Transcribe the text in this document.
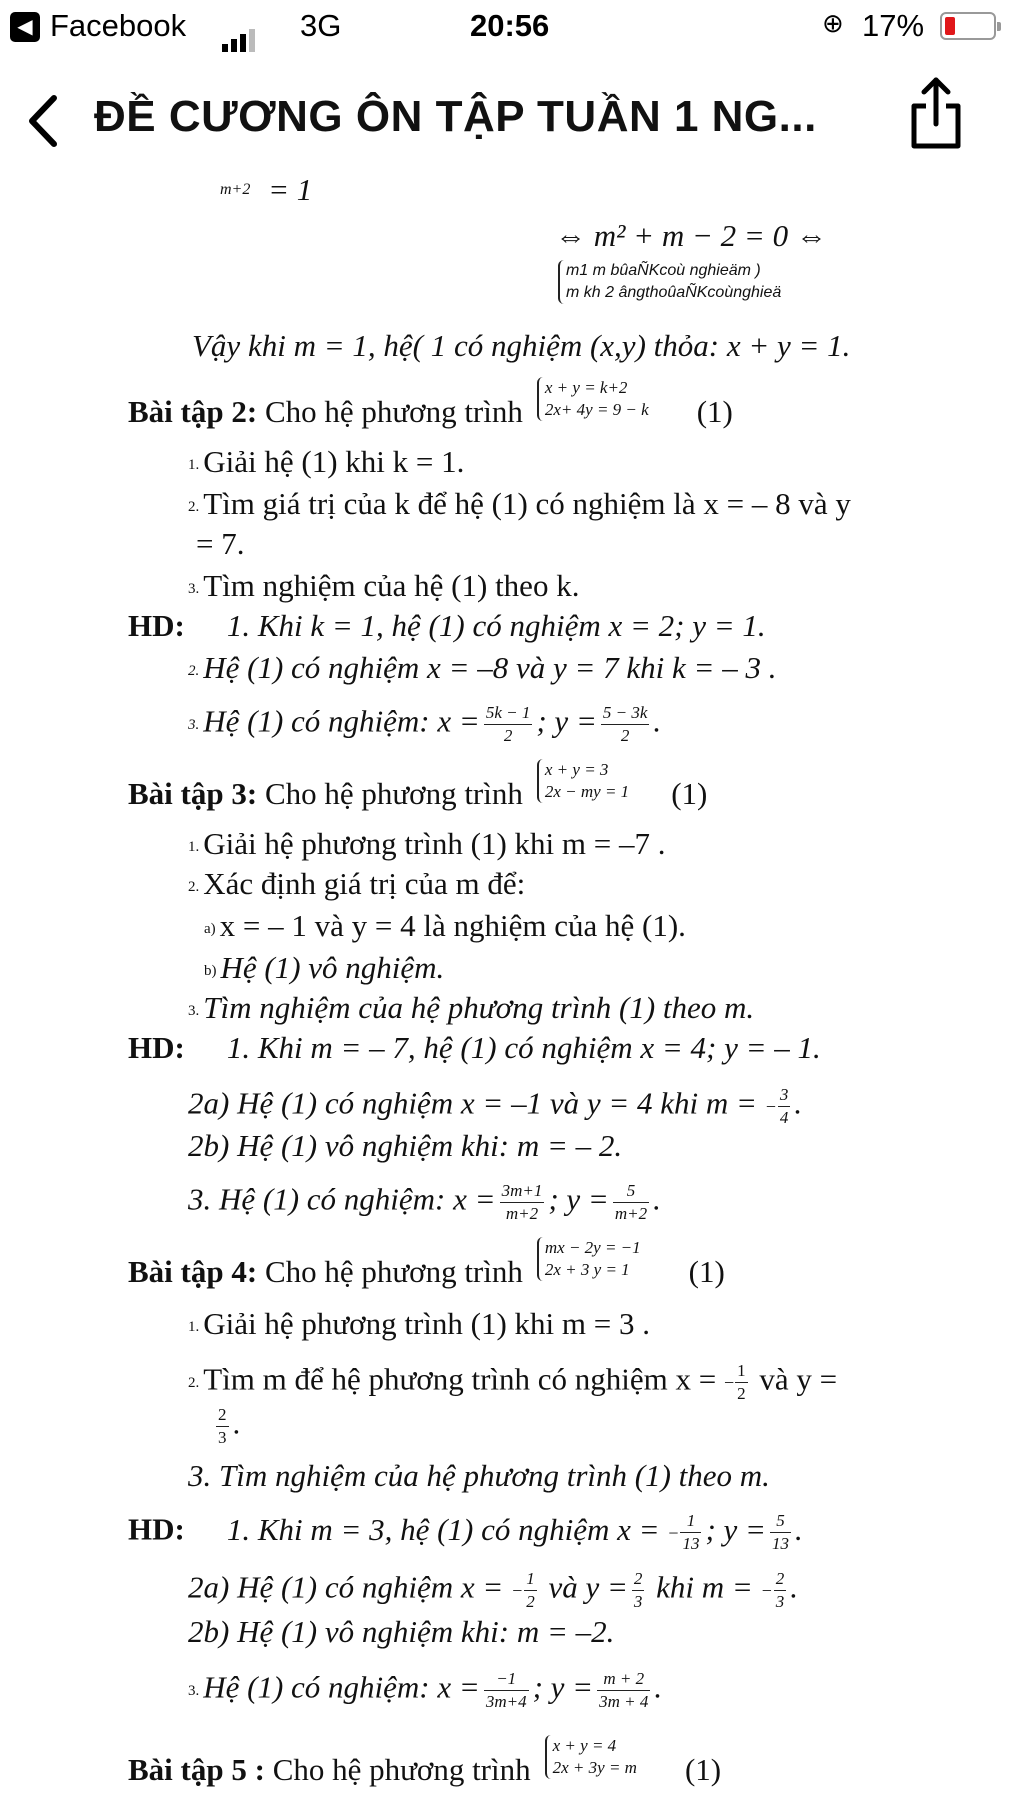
◀ Facebook	3G	20:56	⊕ 17%
ĐỀ CƯƠNG ÔN TẬP TUẦN 1 NG...
$^{m+2}$ = 1
⇔ m² + m − 2 = 0 ⇔
m1 m bûaÑKcoù nghieäm )
m kh 2 ângthoûaÑKcoùnghieä
Vậy khi m = 1, hệ( 1 có nghiệm (x,y) thỏa: x + y = 1.
Bài tập 2: Cho hệ phương trình
x + y = k+2
2x+ 4y = 9 − k (1)
1. Giải hệ (1) khi k = 1.
2. Tìm giá trị của k để hệ (1) có nghiệm là x = – 8 và y
= 7.
3. Tìm nghiệm của hệ (1) theo k.
HD: 1. Khi k = 1, hệ (1) có nghiệm x = 2; y = 1.
2. Hệ (1) có nghiệm x = –8 và y = 7 khi k = – 3 .
3. Hệ (1) có nghiệm: $x = \frac{5k - 1}{2}$ ; $y = \frac{5 - 3k}{2}$ .
Bài tập 3: Cho hệ phương trình
x + y = 3
2x − my = 1 (1)
1. Giải hệ phương trình (1) khi m = –7 .
2. Xác định giá trị của m để:
a) x = – 1 và y = 4 là nghiệm của hệ (1).
b) Hệ (1) vô nghiệm.
3. Tìm nghiệm của hệ phương trình (1) theo m.
HD: 1. Khi m = – 7, hệ (1) có nghiệm x = 4; y = – 1.
2a) Hệ (1) có nghiệm x = –1 và y = 4 khi m = − $\frac{3}{4}$ .
2b) Hệ (1) vô nghiệm khi: m = – 2.
3. Hệ (1) có nghiệm: $x = \frac{3m+1}{m+2}$ ; $y = \frac{5}{m+2}$ .
Bài tập 4: Cho hệ phương trình
mx − 2y = −1
2x + 3 y = 1	(1)
1. Giải hệ phương trình (1) khi m = 3 .
2. Tìm m để hệ phương trình có nghiệm x = − $\frac{1}{2}$ và y =
$\frac{2}{3}$ .
3. Tìm nghiệm của hệ phương trình (1) theo m.
HD: 1. Khi m = 3, hệ (1) có nghiệm x = − $\frac{1}{13}$ ; $y = \frac{5}{13}$ .
2a) Hệ (1) có nghiệm x = − $\frac{1}{2}$ và $y = \frac{2}{3}$ khi m = − $\frac{2}{3}$ .
2b) Hệ (1) vô nghiệm khi: m = –2.
3. Hệ (1) có nghiệm: $x = \frac{-1}{3m+4}$ ; $y = \frac{m + 2}{3m + 4}$ .
Bài tập 5 : Cho hệ phương trình
x + y = 4
2x + 3y = m (1)
